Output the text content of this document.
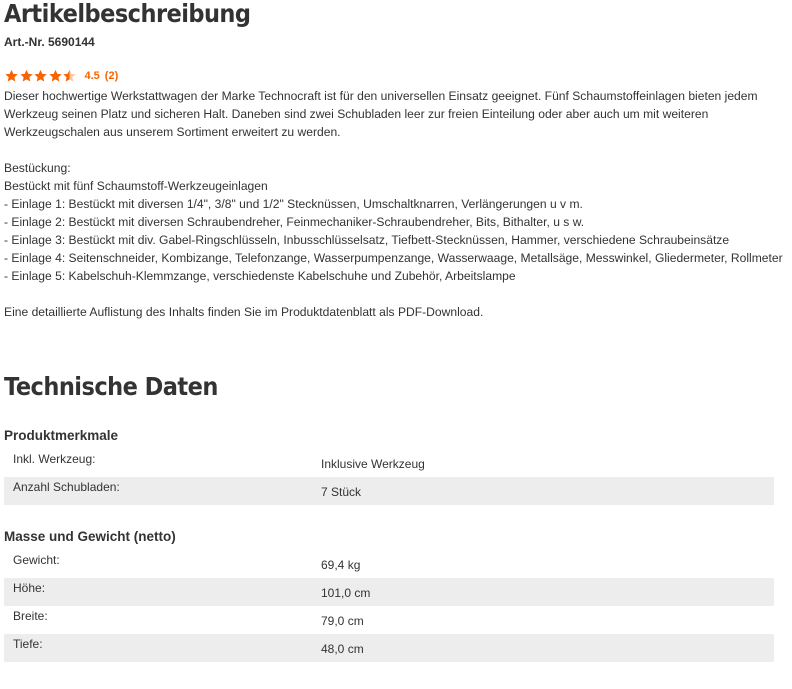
Artikelbeschreibung
Art.-Nr. 5690144
4.5 (2)

Dieser hochwertige Werkstattwagen der Marke Technocraft ist für den universellen Einsatz geeignet. Fünf Schaumstoffeinlagen bieten jedem Werkzeug seinen Platz und sicheren Halt. Daneben sind zwei Schubladen leer zur freien Einteilung oder aber auch um mit weiteren Werkzeugschalen aus unserem Sortiment erweitert zu werden.

Bestückung:

Bestückt mit fünf Schaumstoff-Werkzeugeinlagen

- Einlage 1: Bestückt mit diversen 1/4", 3/8" und 1/2" Stecknüssen, Umschaltknarren, Verlängerungen u v m.

- Einlage 2: Bestückt mit diversen Schraubendreher, Feinmechaniker-Schraubendreher, Bits, Bithalter, u s w.

- Einlage 3: Bestückt mit div. Gabel-Ringschlüsseln, Inbusschlüsselsatz, Tiefbett-Stecknüssen, Hammer, verschiedene Schraubeinsätze

- Einlage 4: Seitenschneider, Kombizange, Telefonzange, Wasserpumpenzange, Wasserwaage, Metallsäge, Messwinkel, Gliedermeter, Rollmeter

- Einlage 5: Kabelschuh-Klemmzange, verschiedenste Kabelschuhe und Zubehör, Arbeitslampe

Eine detaillierte Auflistung des Inhalts finden Sie im Produktdatenblatt als PDF-Download.

Technische Daten
Produktmerkmale
Inkl. Werkzeug:	Inklusive Werkzeug
Anzahl Schubladen:	7 Stück
Masse und Gewicht (netto)
Gewicht:	69,4 kg
Höhe:	101,0 cm
Breite:	79,0 cm
Tiefe:	48,0 cm
